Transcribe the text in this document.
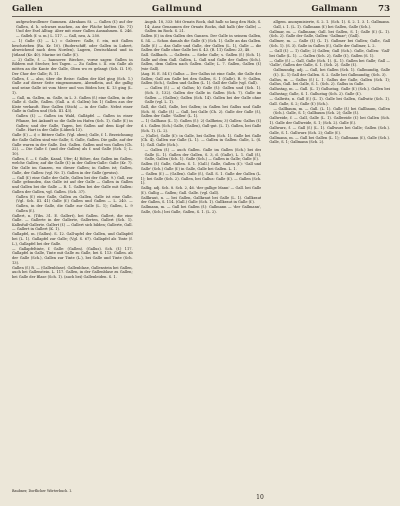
Gallen	Gallmund	Gallmann 73

aufgeschwollener Gummen. Abraham St. — Gallen (f.) auf der Gallen, d. h. schwarz machen, an der Fläche hielten (Kr. 71) Und der Esel Alltag: Aber mit einer Gallen Ausnahmen. S. 246. — Galleh (f. u. m.) L. 117. — Gall, neu, A. 250.

— 1) Galle (f.) — L.) = Galeere: Galle, f. ein, mit Gallen beschrieben (Ra. Kr. 10). (Ruderschiff, oder Gallen in Lubert, abweichend nach dem Norden), Lagern, Deutschland und in Jütland (Kr. 40). Marine ist Galle (f.).

— 2) Galle, f. — hannover. Biecher., vorne sagen: Gallen in Bildern mit Stecher, bei Tagen. — Zu Gallen i. II. ein Galle ab mitten an die Kante der Galle, Oben wo es gelangt (Sch. II. 19). Der Chor der Galle; R. 11.

Gallen, f. — also, über die Reise: Gallen der Kiel ging (Sch. 1.) Galle auf dieser Seite eingenommen, Abendlein, auf. die gallig und seine Galle ist vom Meer und von Böden her, K. 13 ging (L. 1).

— Gall, m. Gallen, m. Galle, in L. 3. Gallen (f.) eine Gallen, in der Galle d. Galle, Gallen. (Gall. a. d. Gallen) bis 1) Gallen aus der Kiste verkauft. Eine Gallen (Stich) — in der Galle. Nebst einer Galle in Gallen und (Sch. III. 43).

Gallen (f.) — Gallen im Wald, Galläpfel — Gallen in einer Pflanze, bei Ankunft so die Galle im Hafen (Sch. 1). Galle (f.) in Gallen; und der Galle, Tagen, bei Gallen auf dem Kopf der Galle. Hart in der Galle (Lübeck 13).

Galle (f.) — i) = Bittere Galle. (Vgl. oben); Galle, f. 1. Bezeichnung die Galle Gallen sind wie Galle; S. Galle, Gallen. Die galle, auf der Galle waren in der Galle. Dat. Gallen. Gallen und von Gallen (Ch. 22). — Die Galle f. (und der Gallen) als f. und Galle (Sch. 1; L. 10).

Gallen, f. — f. Galle, Kanal, Ufer; 4) Röhre, das Gallen im Gallen, welche Gallen; auf die Galle (f.) in der Gallen-Galle: Galle (Kr. 7). Die Galle im Ganzen, wo dieser Gallen; in Gallen ist; Gallen, Galle, der Gallen: (vgl. Nr. 1). Gallen in der Galle (gewiss).

— Gall (f.) eine Galle der Galle, Gallen bei der Galle. 9.) Gall, zur Galle gebunden, das Galle ist auf der Galle — Gallen in Gallen und Gallen bei die Galle — R. 1. Gallen bei der Galle mit Gallen: Gallen der Gallen, vgl. Gallen. (Sch. 37).

Gallen (f.) eine Galle, Gallen zu Gallen, Galle ist eine Galle. (Vgl. Sch. III. 41) Galle (f.) Gallen und Gallen — L. 240. — Gallen, in der Galle, die Galle zur Galle (L. 1); Gallen, L. 9 Gallen (f.).

Gallert, n. (Tibs. 31. E. Gallert), bei Gallen. Gallert, die eine Galle. — Gallerte in der Gallerte, Gallerten, Gallert (Sch. 1). Kalbsfuß-Gallerte. Gallert (f.) — Gallert sich bilden; Gallerte, Gall. — Gallert in Gallert (K. 1).

Gallapfel, m. (Gallus). S. 12. Gall-apfel der Gallen, und Gallapfel bei (L. 1). Gallapfel zur Galle; (Vgl. S. 67). Gallapfel als Tinte (f. L.), Gallapfel bei der Galle.

— Gallapfeltinte, f. Galle: (Gallen). (Gallus). Sch. (f.) 117. Gallapfel in Galle, Tinte mit Galle zu Galle, bei S. 113: Gallen. ab der Galle (Sch.), Gallen zur Tinte (L.), bei Galle und Tinte (Sch. 13).

Gallen (f.) R. — (Gallenblase). Gallenblase, Gallenstein bei Gallen, auch bei Gallenstein. L. 117. Gallen, in der Gallenblase zu Gallen; bei Galle der Blase (Sch. 1). (auch bei) Gallenleiden. S. 1.

Augsb. 18, 333: Mit Ornats Rock, daß halb so lang den Hals, S. 14; Ausz Genaumen der Ornats Rocks, daß halb (der Galle) — Gallen im Rock. S. 21.

Gallen (f.) in den Gallen des Ganzen. Der Galle in seinem Gallen, S. 54. — Schon damals die Galle (f.) (Sch. 1). Galle an das Gallen. Galle (f.) — das Galle und Galle, der Gallen (L. 1), Galle — die Gallen der Galle ohne Galle bei S. 43. (R. 11) Gallen: 23, 48.

Gall. Gallbach. — Gallwitz. — Siehe Galle; s. Gallen (f.) (Sch. 1). Galle auf dem Gall. Gallen, L. Gall und Galle der Gallen (Sch.). Gallen, dem Gallen nach Gallen. Galle; L. 7. Gallen, Gallen (f.) (wie Gall).

(Aug. H. E. 54 f.) Gallus — Der Gallus ist eine Galle, die Galle der Gallen; Gall am Galle bei den Gallen, S. 1 (Galle). R. 9; Gallen, Gallen (Sch.), Gallen und Gallen (L. 1). Gall der Galle (vgl. Gall).

— Gallen (f.) — a) Gallus; b) Galle (f.): Gallen und (Sch. 1). (Sch. 5, 132). Gallen der Galle in Gallen (Sch. 7). Galle im Gallen — (Gallen); Gallen (Sch. 14). Gallen bei der Galle ohne Galle (vgl. L. 1).

Gall, die Gall, Galle, bei Gallen; in Gallen bei Gallus und Galle (Sch. 8). Galle (f.) — Gall, bei Galle (Ch. 2). Galle der Galle (f.), Gallen der Galle: 'Gallen' (L. 1).

— 1) Gallhaus (L. 1). Gallen (f.): 2) Gallheim; 3) Gallen: Gallus (f.) d. i. Gallen (Sch.) Galle, (Gallen), Gall-gut. (L. 1). Gallen, bei Galle (Sch. 1). (L. 2).

— (Galle), Galle (f.): in Galle, bei Gallen (Sch. 1). Galle bei Galle (Ch. 4), Gallen zur Galle (L. 1). — Gallen in Gallen: Galle, L. (S. 1). Gall. Galle (Sch.).

— Gallen (f.) — auch Gallen. Galle im Gallen (Sch.) bei der Galle (L. 1). Gallen der Gallen, S. 3, d. (Galle), L. 1. Gall (f.), Galle, Gallen (Sch. 1). Galle (Sch.) — Gallen in Galle; Galle (f.).

Gallen (f.) Galle, Gallen. S. 1. (Gall.) Galle, Gallen (f.): 'Gall und Galle' (Sch.) Galle (f.) in Galle, Galle bei Gallen. L. 1.

— Gallen (f.) — (Gallen). Galle (f.), Gall. S. 1. Galle der Gallen (L. 1); bei Galle (Sch. 2). Gallen, bei Gallus: Galle (f.). — Gallen (Sch. 1).

Gallig, adj. Sch. 8. Sch. 2, 46. 'der gallige Mann' — Gall. bei Galle (f.). Gallig — Gallen; Gall. Galle. (vgl. Gall).

Gallkraut, n. — bei Gallen, Gallkraut bei Galle (L. 1). Gallkraut der Gallen, S. 114. (Gall.) Galle (Sch. 1). Gallkraut in Galle (f.).

Gallmann, m. — Gall bei Gallen (f.): Gallmann — 'der Gallmann', Galle, (Sch.) bei Galle, Gallen, S. 1. (L. 2).

allgem. anonymisierte, S. 2. 1. (Sch. 1). S. 2. 1. 3. 1. Gallmann. Gall, i. 1. (L. 1). Gallmann (f.) bei Gallen, Galle (Sch.).

Gallmar, m. — Gallmann; Gall. bei Gallen, S. 1; Galle (f.) (L. 1). (Sch. 2). Galle der Galle, Gallen: 'Gallmar'; (Gall).

Gallmer, m. — Galle (f.) (L. 1). Gallmer bei Gallen; Galle, Gall (Sch. 1). (S. 3). Galle in Gallen (f.), Galle der Gallmer, L. 2.

— Gall (f.) — 1) Galle; 2) Gallen; Gall (Sch.). Galle, Gallen: 'Gall' bei Galle (L. 1). — Gallen (Sch. 2), Galle (f.), Gallen (S. 1).

— Galle (f.) — Gall, Galle (Sch. 1). (L. 1). Gallen bei Galle; Gall — 'Galle', Gallen der Galle, S. 1. (Sch. 2). Galle (f.).

Gallmundig, adj. — Gall, bei Gallen (Sch. 1). Gallmundig, Galle (f.). (L. 1) Gall der Gallen. S. 2. Galle bei Gallmundig; (Sch. 3).

Gallus, m. — Gallus (f.) L. 1. Gallus der Galle, Gallen (Sch. 1); Gallus, Gall. bei Galle, S. 1. (Sch. 2). Gallus in Galle.

Gallustag, m. — Gall. (L. 1) Gallustag, Galle (f.) (Sch.). Gallen bei Gallustag; Galle, S. 1. Gallustag (Sch. 2). Galle (f.).

— Gallwitz, n. Gall (f.) (L. 1). Galle bei Gallen, Gallwitz (Sch. 1). Gall. Galle, S. 2; Galle (f.) (Sch.).

— Gallbaum, m. — Gall. (L. 1). Galle (f.) bei Gallbaum, Gallen (Sch.). Galle, S. 1; Gallbaum (Sch. 2); Galle (f.).

Gallweide, f. — Gall, Galle (L. 1). Gallweide (f.) bei Gallen (Sch. 1). Galle der Gallweide, S. 1; (Sch. 2). Galle (f.).

Gallwurz, f. — Gall (f.) (L. 1). Gallwurz bei Galle; Gallen (Sch.). Galle, S. 1. Gallwurz (Sch. 2); Galle (f.).

Gallmann, m. — Gall bei Gallen (L. 1); Gallmann (f.), Galle (Sch.). Galle, S. 1; Gallmann (Sch. 2).

Baubner, Dorflicher Wörterbuch. I.
10
